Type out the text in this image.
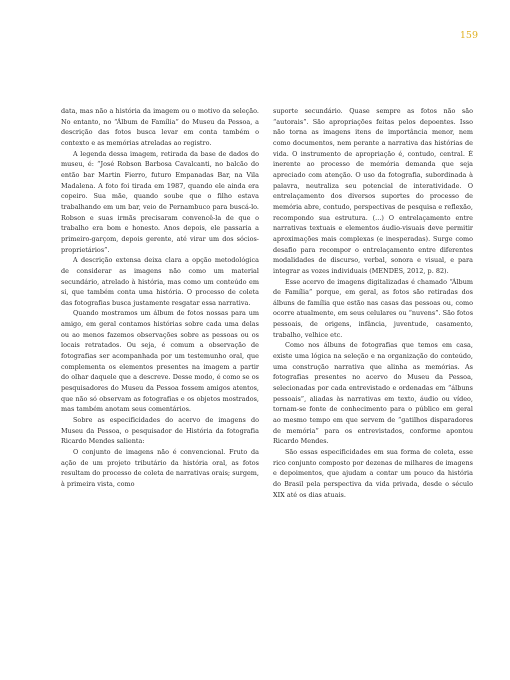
159

data, mas não a história da imagem ou o motivo da seleção. No entanto, no “Álbum de Família” do Museu da Pessoa, a descrição das fotos busca levar em conta também o contexto e as memórias atreladas ao registro.

A legenda dessa imagem, retirada da base de dados do museu, é: “José Robson Barbosa Cavalcanti, no balcão do então bar Martin Fierro, futuro Empanadas Bar, na Vila Madalena. A foto foi tirada em 1987, quando ele ainda era copeiro. Sua mãe, quando soube que o filho estava trabalhando em um bar, veio de Pernambuco para buscá-lo. Robson e suas irmãs precisaram convencê-la de que o trabalho era bom e honesto. Anos depois, ele passaria a primeiro-garçom, depois gerente, até virar um dos sócios-proprietários”.

A descrição extensa deixa clara a opção metodológica de considerar as imagens não como um material secundário, atrelado à história, mas como um conteúdo em si, que também conta uma história. O processo de coleta das fotografias busca justamente resgatar essa narrativa.

Quando mostramos um álbum de fotos nossas para um amigo, em geral contamos histórias sobre cada uma delas ou ao menos fazemos observações sobre as pessoas ou os locais retratados. Ou seja, é comum a observação de fotografias ser acompanhada por um testemunho oral, que complementa os elementos presentes na imagem a partir do olhar daquele que a descreve. Desse modo, é como se os pesquisadores do Museu da Pessoa fossem amigos atentos, que não só observam as fotografias e os objetos mostrados, mas também anotam seus comentários.

Sobre as especificidades do acervo de imagens do Museu da Pessoa, o pesquisador de História da fotografia Ricardo Mendes salienta:

O conjunto de imagens não é convencional. Fruto da ação de um projeto tributário da história oral, as fotos resultam do processo de coleta de narrativas orais; surgem, à primeira vista, como

suporte secundário. Quase sempre as fotos não são “autorais”. São apropriações feitas pelos depoentes. Isso não torna as imagens itens de importância menor, nem como documentos, nem perante a narrativa das histórias de vida. O instrumento de apropriação é, contudo, central. É inerente ao processo de memória demanda que seja apreciado com atenção. O uso da fotografia, subordinada à palavra, neutraliza seu potencial de interatividade. O entrelaçamento dos diversos suportes do processo de memória abre, contudo, perspectivas de pesquisa e reflexão, recompondo sua estrutura. (...) O entrelaçamento entre narrativas textuais e elementos áudio-visuais deve permitir aproximações mais complexas (e inesperadas). Surge como desafio para recompor o entrelaçamento entre diferentes modalidades de discurso, verbal, sonora e visual, e para integrar as vozes individuais (MENDES, 2012, p. 82).

Esse acervo de imagens digitalizadas é chamado “Álbum de Família” porque, em geral, as fotos são retiradas dos álbuns de família que estão nas casas das pessoas ou, como ocorre atualmente, em seus celulares ou “nuvens”. São fotos pessoais, de origens, infância, juventude, casamento, trabalho, velhice etc.

Como nos álbuns de fotografias que temos em casa, existe uma lógica na seleção e na organização do conteúdo, uma construção narrativa que alinha as memórias. As fotografias presentes no acervo do Museu da Pessoa, selecionadas por cada entrevistado e ordenadas em “álbuns pessoais”, aliadas às narrativas em texto, áudio ou vídeo, tornam-se fonte de conhecimento para o público em geral ao mesmo tempo em que servem de “gatilhos disparadores de memória” para os entrevistados, conforme apontou Ricardo Mendes.

São essas especificidades em sua forma de coleta, esse rico conjunto composto por dezenas de milhares de imagens e depoimentos, que ajudam a contar um pouco da história do Brasil pela perspectiva da vida privada, desde o século XIX até os dias atuais.
